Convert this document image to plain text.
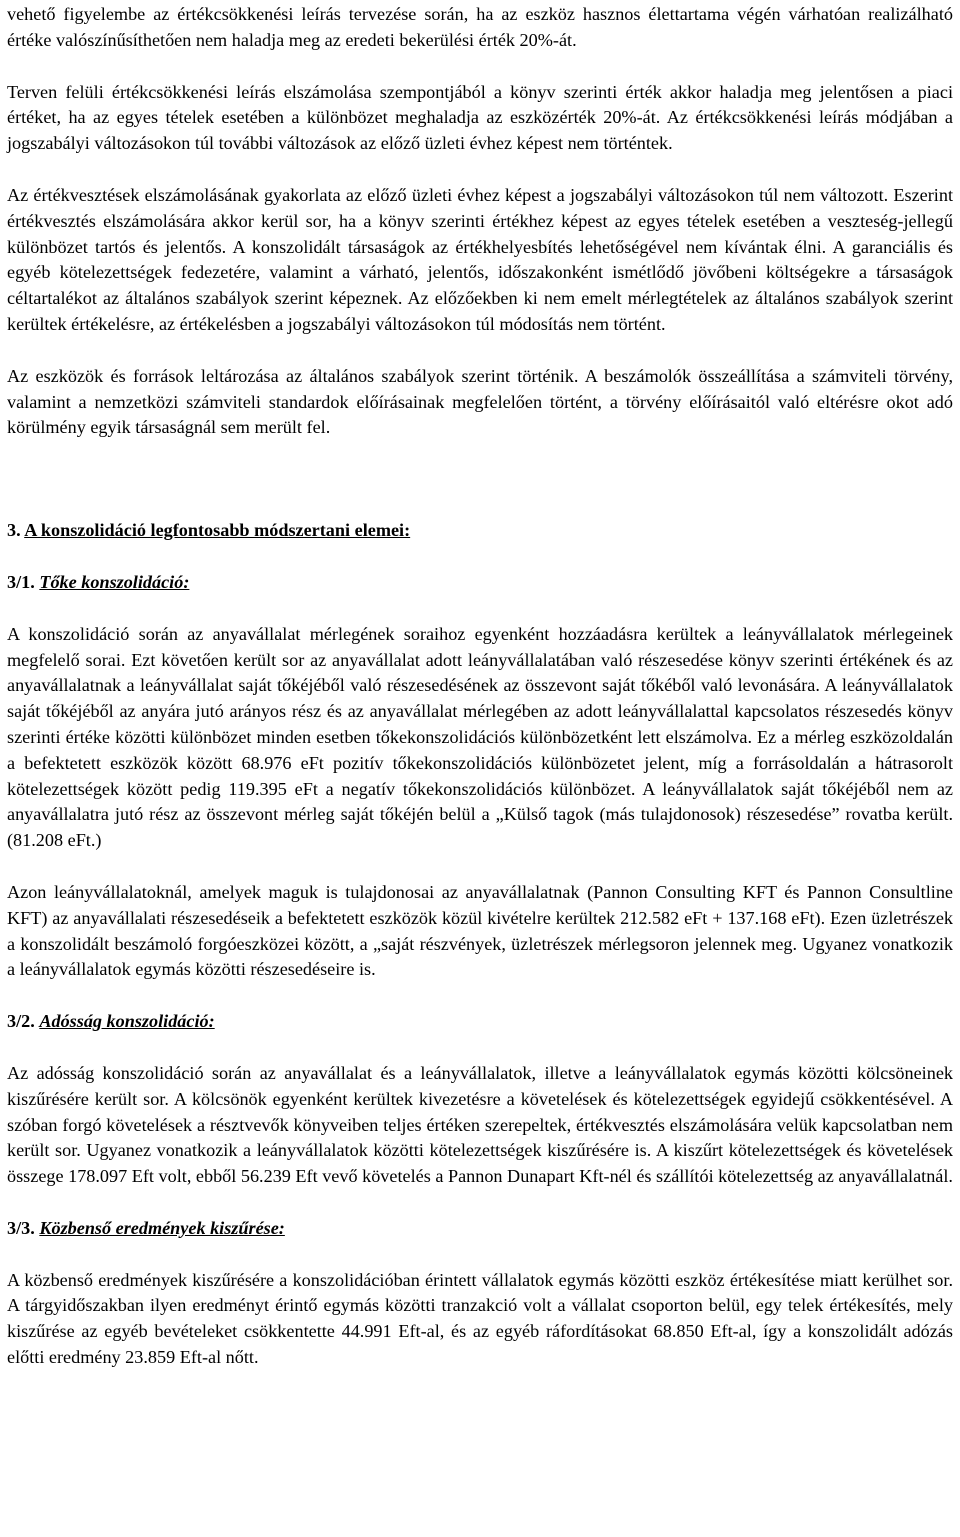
vehető figyelembe az értékcsökkenési leírás tervezése során, ha az eszköz hasznos élettartama végén várhatóan realizálható értéke valószínűsíthetően nem haladja meg az eredeti bekerülési érték 20%-át.

Terven felüli értékcsökkenési leírás elszámolása szempontjából a könyv szerinti érték akkor haladja meg jelentősen a piaci értéket, ha az egyes tételek esetében a különbözet meghaladja az eszközérték 20%-át. Az értékcsökkenési leírás módjában a jogszabályi változásokon túl további változások az előző üzleti évhez képest nem történtek.

Az értékvesztések elszámolásának gyakorlata az előző üzleti évhez képest a jogszabályi változásokon túl nem változott. Eszerint értékvesztés elszámolására akkor kerül sor, ha a könyv szerinti értékhez képest az egyes tételek esetében a veszteség-jellegű különbözet tartós és jelentős. A konszolidált társaságok az értékhelyesbítés lehetőségével nem kívántak élni. A garanciális és egyéb kötelezettségek fedezetére, valamint a várható, jelentős, időszakonként ismétlődő jövőbeni költségekre a társaságok céltartalékot az általános szabályok szerint képeznek. Az előzőekben ki nem emelt mérlegtételek az általános szabályok szerint kerültek értékelésre, az értékelésben a jogszabályi változásokon túl módosítás nem történt.

Az eszközök és források leltározása az általános szabályok szerint történik. A beszámolók összeállítása a számviteli törvény, valamint a nemzetközi számviteli standardok előírásainak megfelelően történt, a törvény előírásaitól való eltérésre okot adó körülmény egyik társaságnál sem merült fel.

3. A konszolidáció legfontosabb módszertani elemei:

3/1. Tőke konszolidáció:

A konszolidáció során az anyavállalat mérlegének soraihoz egyenként hozzáadásra kerültek a leányvállalatok mérlegeinek megfelelő sorai. Ezt követően került sor az anyavállalat adott leányvállalatában való részesedése könyv szerinti értékének és az anyavállalatnak a leányvállalat saját tőkéjéből való részesedésének az összevont saját tőkéből való levonására. A leányvállalatok saját tőkéjéből az anyára jutó arányos rész és az anyavállalat mérlegében az adott leányvállalattal kapcsolatos részesedés könyv szerinti értéke közötti különbözet minden esetben tőkekonszolidációs különbözetként lett elszámolva. Ez a mérleg eszközoldalán a befektetett eszközök között 68.976 eFt pozitív tőkekonszolidációs különbözetet jelent, míg a forrásoldalán a hátrasorolt kötelezettségek között pedig 119.395 eFt a negatív tőkekonszolidációs különbözet. A leányvállalatok saját tőkéjéből nem az anyavállalatra jutó rész az összevont mérleg saját tőkéjén belül a „Külső tagok (más tulajdonosok) részesedése” rovatba került. (81.208 eFt.)

Azon leányvállalatoknál, amelyek maguk is tulajdonosai az anyavállalatnak (Pannon Consulting KFT és Pannon Consultline KFT) az anyavállalati részesedéseik a befektetett eszközök közül kivételre kerültek 212.582 eFt + 137.168 eFt). Ezen üzletrészek a konszolidált beszámoló forgóeszközei között, a „saját részvények, üzletrészek mérlegsoron jelennek meg. Ugyanez vonatkozik a leányvállalatok egymás közötti részesedéseire is.

3/2. Adósság konszolidáció:

Az adósság konszolidáció során az anyavállalat és a leányvállalatok, illetve a leányvállalatok egymás közötti kölcsöneinek kiszűrésére került sor. A kölcsönök egyenként kerültek kivezetésre a követelések és kötelezettségek egyidejű csökkentésével. A szóban forgó követelések a résztvevők könyveiben teljes értéken szerepeltek, értékvesztés elszámolására velük kapcsolatban nem került sor. Ugyanez vonatkozik a leányvállalatok közötti kötelezettségek kiszűrésére is. A kiszűrt kötelezettségek és követelések összege 178.097 Eft volt, ebből 56.239 Eft vevő követelés a Pannon Dunapart Kft-nél és szállítói kötelezettség az anyavállalatnál.

3/3. Közbenső eredmények kiszűrése:

A közbenső eredmények kiszűrésére a konszolidációban érintett vállalatok egymás közötti eszköz értékesítése miatt kerülhet sor. A tárgyidőszakban ilyen eredményt érintő egymás közötti tranzakció volt a vállalat csoporton belül, egy telek értékesítés, mely kiszűrése az egyéb bevételeket csökkentette 44.991 Eft-al, és az egyéb ráfordításokat 68.850 Eft-al, így a konszolidált adózás előtti eredmény 23.859 Eft-al nőtt.
